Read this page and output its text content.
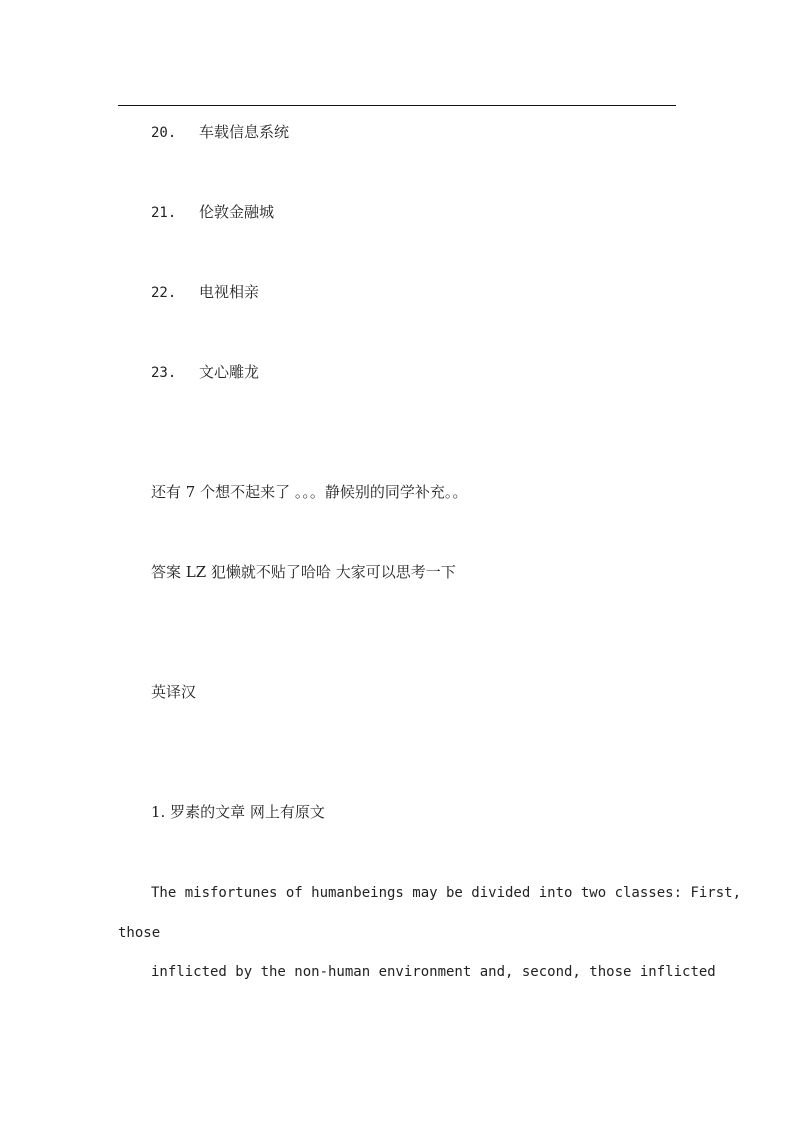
20. 车载信息系统
21. 伦敦金融城
22. 电视相亲
23. 文心雕龙
还有 7 个想不起来了 。。。静候别的同学补充。。
答案 LZ 犯懒就不贴了哈哈 大家可以思考一下
英译汉
1. 罗素的文章 网上有原文
The misfortunes of humanbeings may be divided into two classes: First,
those
inflicted by the non-human environment and, second, those inflicted
